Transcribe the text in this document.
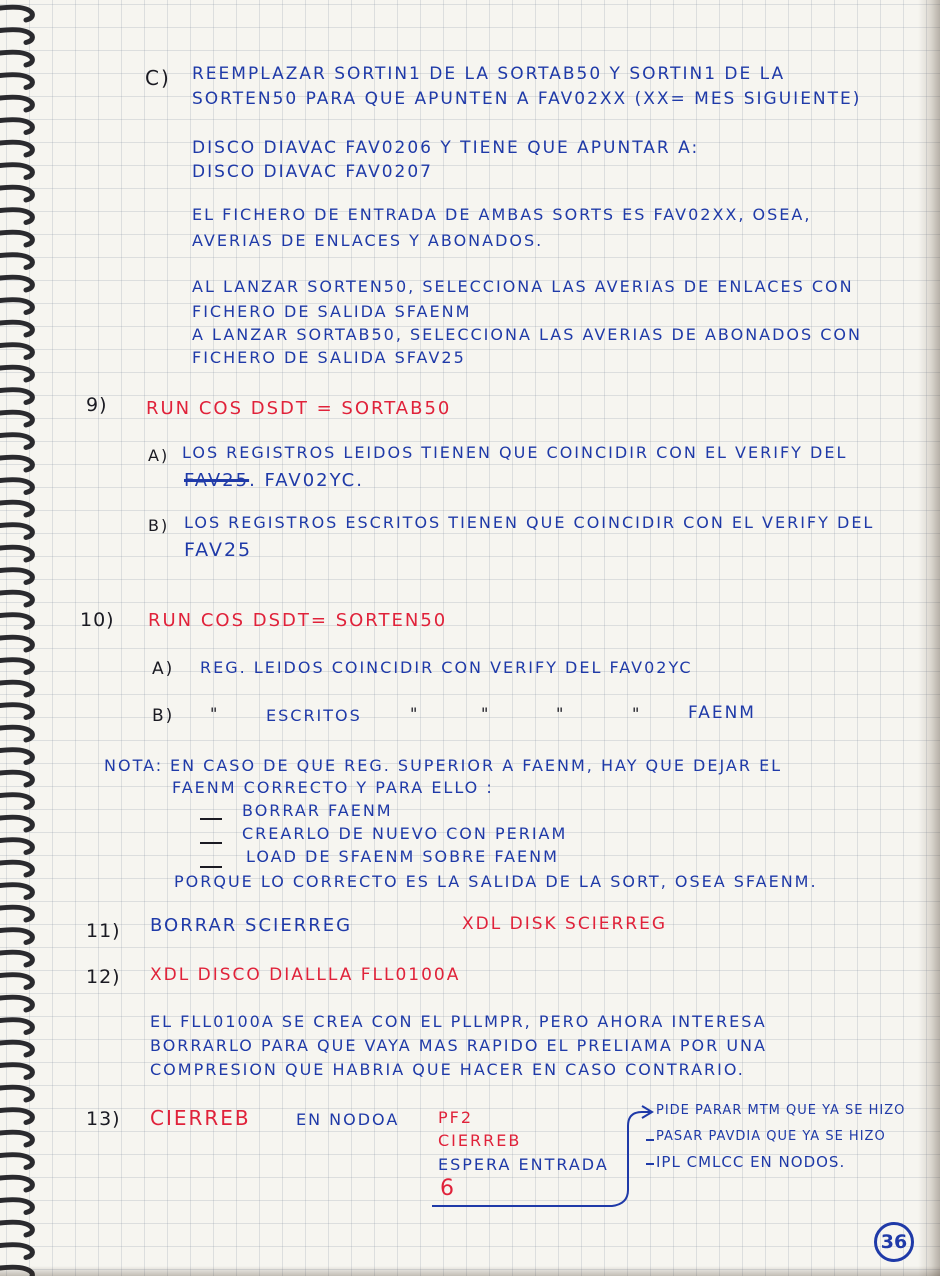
C) REEMPLAZAR SORTIN1 DE LA SORTAB50 Y SORTIN1 DE LA

SORTEN50 PARA QUE APUNTEN A FAV02XX (XX= MES SIGUIENTE)

DISCO DIAVAC FAV0206 Y TIENE QUE APUNTAR A:

DISCO DIAVAC FAV0207

EL FICHERO DE ENTRADA DE AMBAS SORTS ES FAV02XX, OSEA,

AVERIAS DE ENLACES Y ABONADOS.

AL LANZAR SORTEN50, SELECCIONA LAS AVERIAS DE ENLACES CON

FICHERO DE SALIDA SFAENM

A LANZAR SORTAB50, SELECCIONA LAS AVERIAS DE ABONADOS CON

FICHERO DE SALIDA SFAV25

9) RUN COS DSDT = SORTAB50

A) LOS REGISTROS LEIDOS TIENEN QUE COINCIDIR CON EL VERIFY DEL

FAV25. FAV02YC.

B) LOS REGISTROS ESCRITOS TIENEN QUE COINCIDIR CON EL VERIFY DEL

FAV25

10) RUN COS DSDT= SORTEN50

A) REG. LEIDOS COINCIDIR CON VERIFY DEL FAV02YC

B) "	ESCRITOS	"	"	"	"	FAENM

NOTA: EN CASO DE QUE REG. SUPERIOR A FAENM, HAY QUE DEJAR EL

FAENM CORRECTO Y PARA ELLO :

BORRAR FAENM

CREARLO DE NUEVO CON PERIAM

LOAD DE SFAENM SOBRE FAENM

PORQUE LO CORRECTO ES LA SALIDA DE LA SORT, OSEA SFAENM.

11) BORRAR SCIERREG	XDL DISK SCIERREG

12) XDL DISCO DIALLLA FLL0100A

EL FLL0100A SE CREA CON EL PLLMPR, PERO AHORA INTERESA

BORRARLO PARA QUE VAYA MAS RAPIDO EL PRELIAMA POR UNA

COMPRESION QUE HABRIA QUE HACER EN CASO CONTRARIO.

13) CIERREB	EN NODOA PF2

CIERREB

ESPERA ENTRADA

6

PIDE PARAR MTM QUE YA SE HIZO

PASAR PAVDIA QUE YA SE HIZO

IPL CMLCC EN NODOS.

36
